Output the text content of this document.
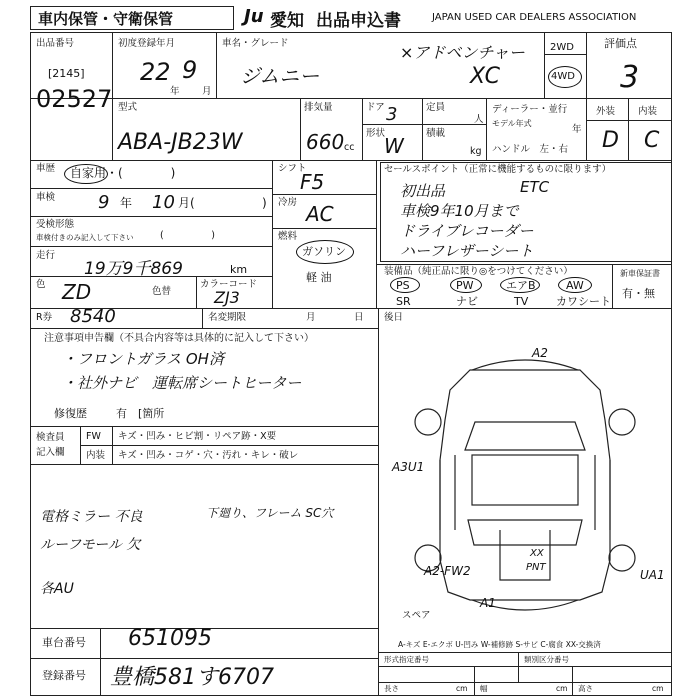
車内保管・守衛保管	Ju 愛知 出品申込書	JAPAN USED CAR DEALERS ASSOCIATION
出品番号
[2145]
02527
初度登録年月
22
年
9
月
車名・グレード
ジムニー
×アドベンチャー
XC
2WD
4WD
評価点
3
型式
ABA-JB23W
排気量
660 cc
ドア 3	定員
人
形状
W
積載
kg
ディーラー・並行
モデル年式
年
ハンドル　左・右
外装
D
内装
C
車歴 自家用・(　　　　)
車検 9 年 10 月(	)
受検形態
車検付きのみ記入して下さい	(　　　　　)
走行
19万9千869	km
色 ZD	色替
カラーコード
ZJ3
シフト
F5
冷房 AC
燃料
ガソリン
軽 油
セールスポイント（正常に機能するものに限ります）
初出品	ETC
車検9年10月まで
ドライブレコーダー
ハーフレザーシート
装備品（純正品に限り◎をつけてください）
PS	PW	エアB	AW
SR	ナビ	TV	カワシート
新車保証書
有・無
R券 8540	名変期限	月	日
注意事項申告欄（不具合内容等は具体的に記入して下さい）
・フロントガラス OH済
・社外ナビ　運転席シートヒーター
修復歴	有　[箇所
検査員
記入欄
FW キズ・凹み・ヒビ割・リペア跡・X要
内装 キズ・凹み・コゲ・穴・汚れ・キレ・破レ
電格ミラー 不良	下廻り、フレーム SC穴
ルーフモール 欠
各AU
車台番号 651095
登録番号 豊橋581す6707
後日
A2
A3U1
A2-FW2
XX
PNT
UA1
A1
スペア
A-キズ E-エクボ U-凹み W-補修跡 S-サビ C-腐食 XX-交換済
形式指定番号	類別区分番号
長さ	cm 幅	cm 高さ	cm
